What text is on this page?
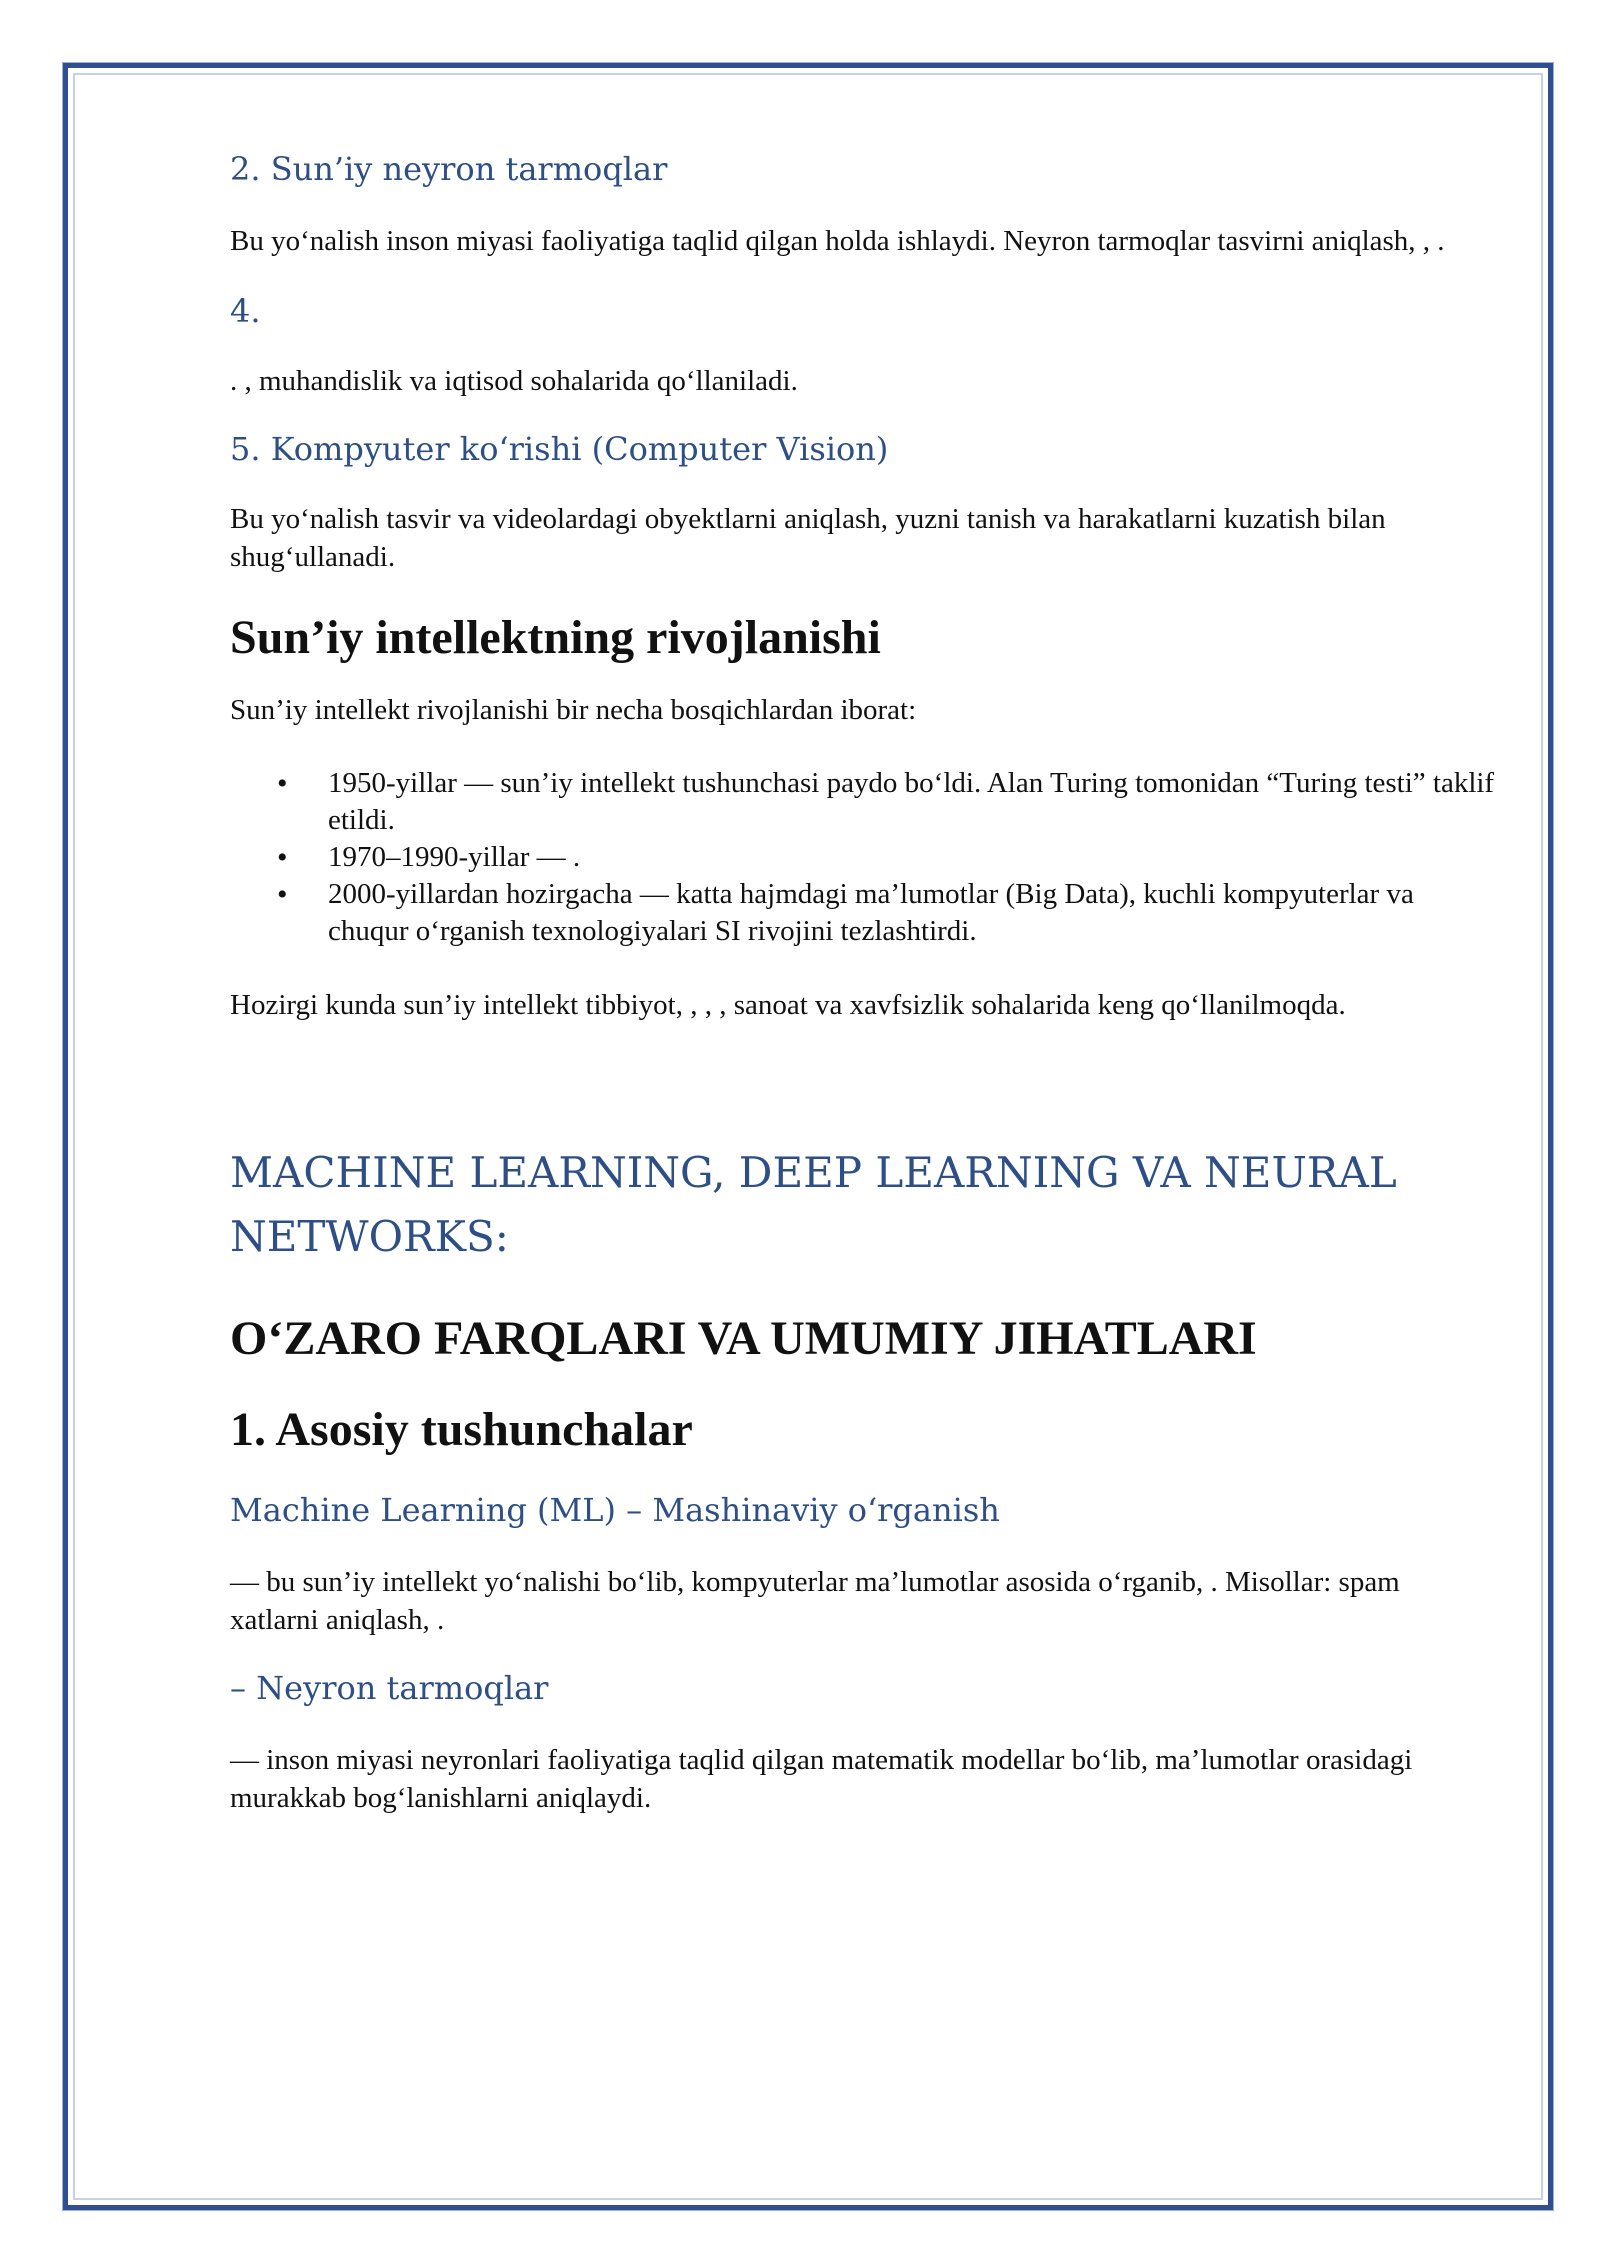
2. Sun’iy neyron tarmoqlar

Bu yo‘nalish inson miyasi faoliyatiga taqlid qilgan holda ishlaydi. Neyron tarmoqlar tasvirni aniqlash, , .

4.

. , muhandislik va iqtisod sohalarida qo‘llaniladi.

5. Kompyuter ko‘rishi (Computer Vision)

Bu yo‘nalish tasvir va videolardagi obyektlarni aniqlash, yuzni tanish va harakatlarni kuzatish bilan shug‘ullanadi.

Sun’iy intellektning rivojlanishi

Sun’iy intellekt rivojlanishi bir necha bosqichlardan iborat:

• 1950-yillar — sun’iy intellekt tushunchasi paydo bo‘ldi. Alan Turing tomonidan “Turing testi” taklif etildi.
• 1970–1990-yillar — .
• 2000-yillardan hozirgacha — katta hajmdagi ma’lumotlar (Big Data), kuchli kompyuterlar va chuqur o‘rganish texnologiyalari SI rivojini tezlashtirdi.

Hozirgi kunda sun’iy intellekt tibbiyot, , , , sanoat va xavfsizlik sohalarida keng qo‘llanilmoqda.

MACHINE LEARNING, DEEP LEARNING VA NEURAL NETWORKS:
O‘ZARO FARQLARI VA UMUMIY JIHATLARI
1. Asosiy tushunchalar
Machine Learning (ML) – Mashinaviy o‘rganish

— bu sun’iy intellekt yo‘nalishi bo‘lib, kompyuterlar ma’lumotlar asosida o‘rganib, . Misollar: spam xatlarni aniqlash, .

– Neyron tarmoqlar

— inson miyasi neyronlari faoliyatiga taqlid qilgan matematik modellar bo‘lib, ma’lumotlar orasidagi murakkab bog‘lanishlarni aniqlaydi.
